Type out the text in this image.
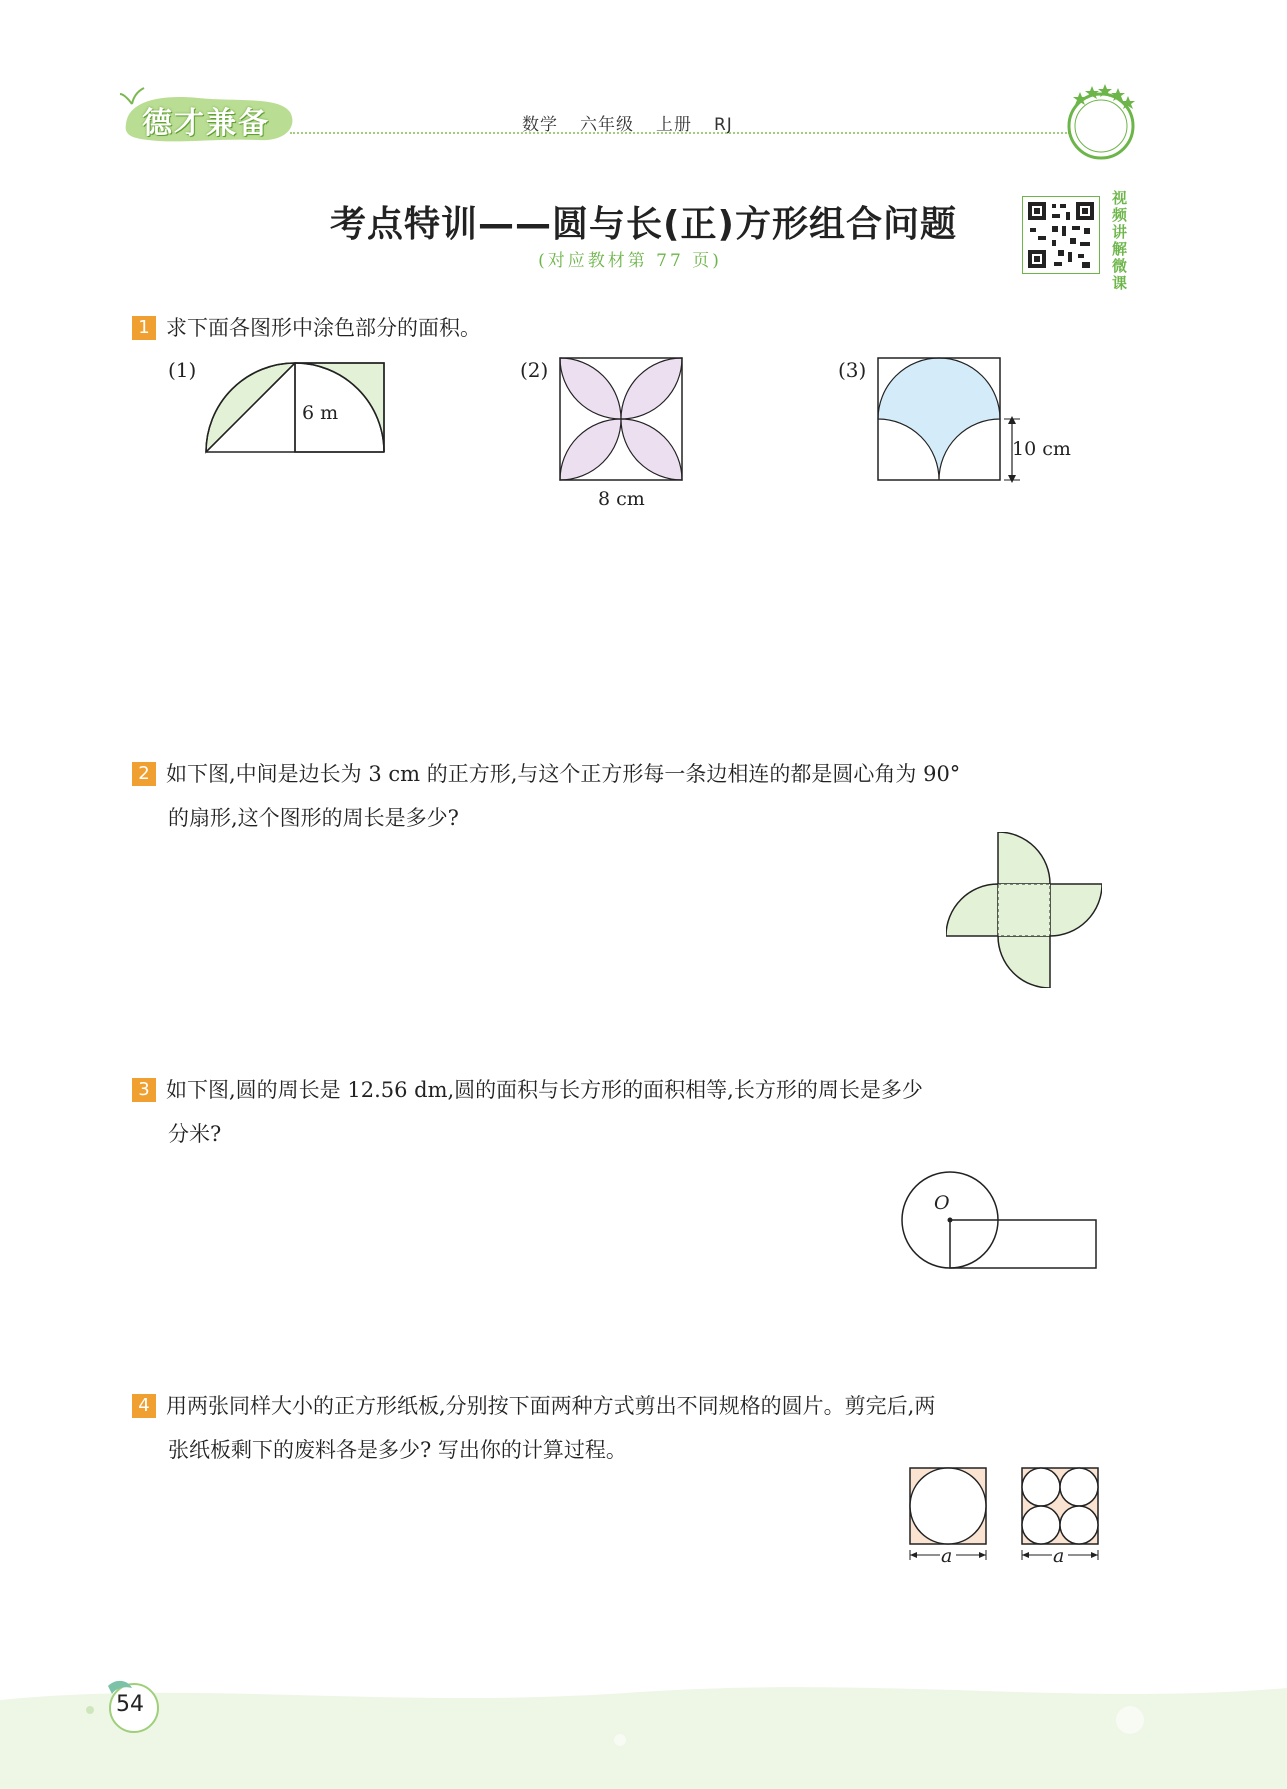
德才兼备	数学 六年级 上册 RJ
考点特训——圆与长(正)方形组合问题
(对应教材第 77 页)
视频讲解微课
1 求下面各图形中涂色部分的面积。
(1)
6 m
(2)
8 cm
(3)
10 cm
2 如下图,中间是边长为 3 cm 的正方形,与这个正方形每一条边相连的都是圆心角为 90°
的扇形,这个图形的周长是多少?
3 如下图,圆的周长是 12.56 dm,圆的面积与长方形的面积相等,长方形的周长是多少
分米?
O
4 用两张同样大小的正方形纸板,分别按下面两种方式剪出不同规格的圆片。剪完后,两
张纸板剩下的废料各是多少? 写出你的计算过程。
a	a
54
